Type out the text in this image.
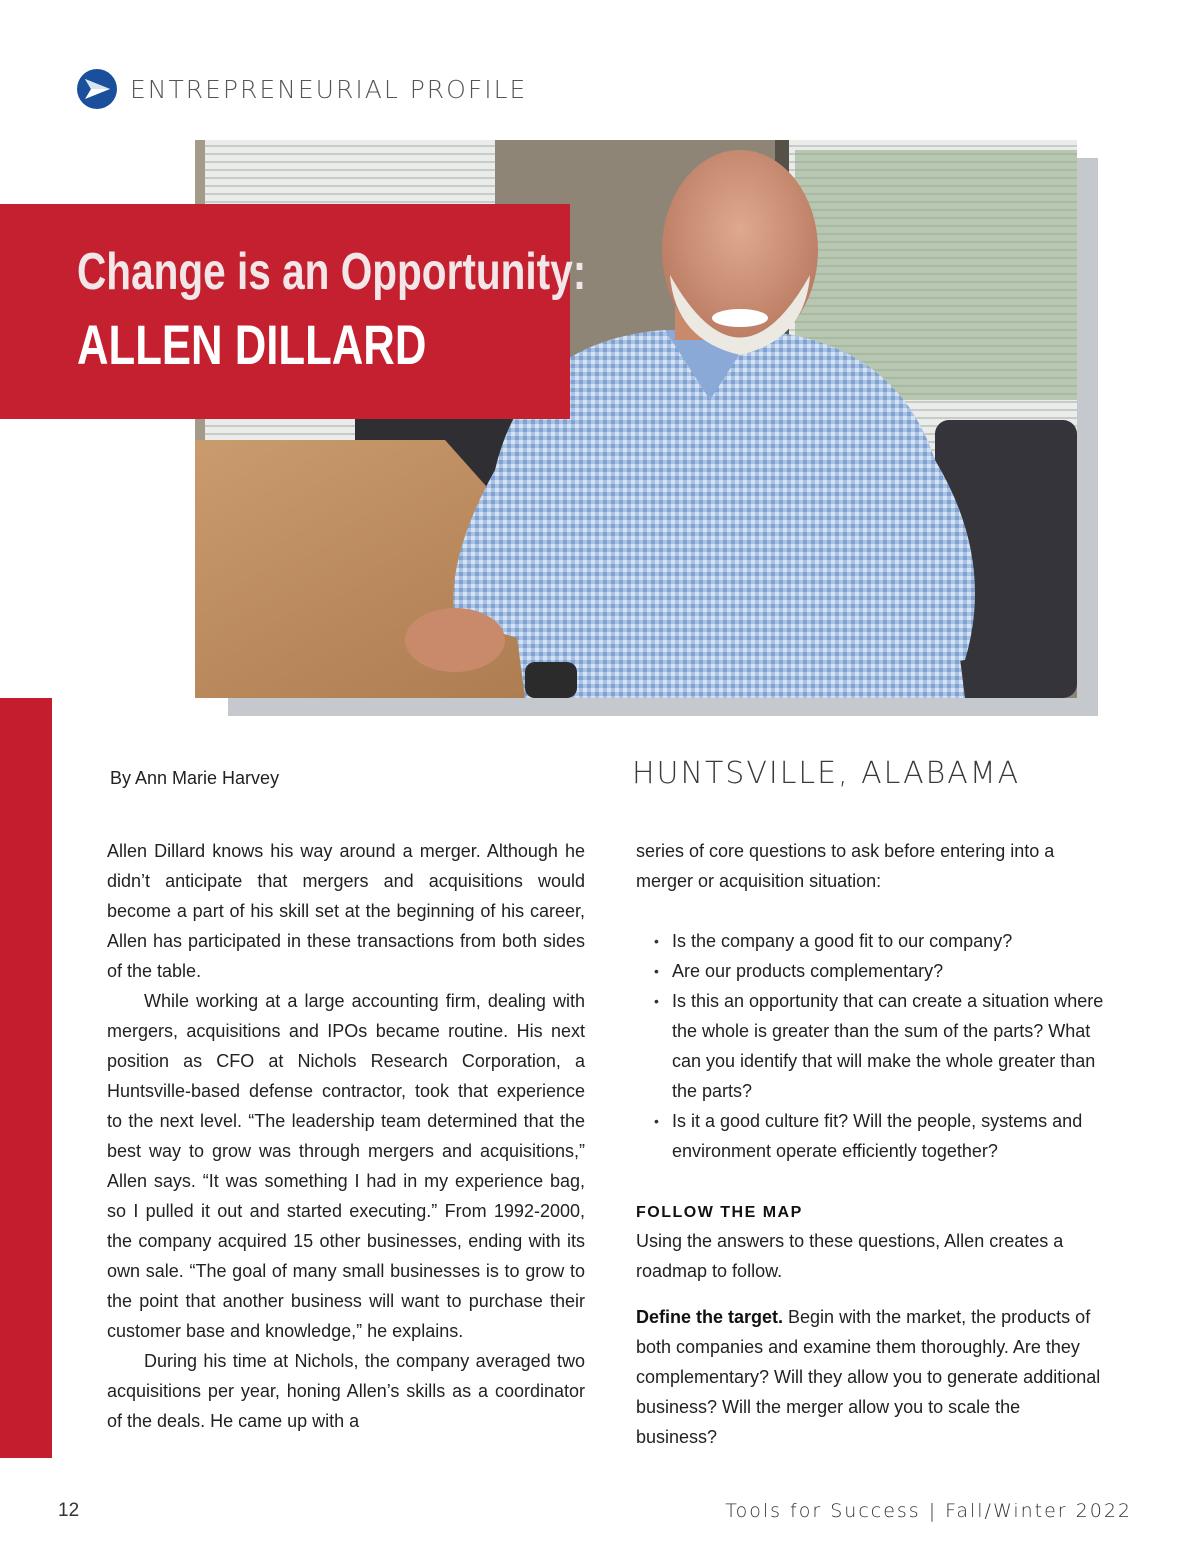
ENTREPRENEURIAL PROFILE
Change is an Opportunity:
ALLEN DILLARD
By Ann Marie Harvey	HUNTSVILLE, ALABAMA

Allen Dillard knows his way around a merger. Although he didn’t anticipate that mergers and acquisitions would become a part of his skill set at the beginning of his career, Allen has participated in these transactions from both sides of the table.

While working at a large accounting firm, dealing with mergers, acquisitions and IPOs became routine. His next position as CFO at Nichols Research Corporation, a Huntsville-based defense contractor, took that experience to the next level. “The leadership team determined that the best way to grow was through mergers and acquisitions,” Allen says. “It was something I had in my experience bag, so I pulled it out and started executing.” From 1992-2000, the company acquired 15 other businesses, ending with its own sale. “The goal of many small businesses is to grow to the point that another business will want to purchase their customer base and knowledge,” he explains.

During his time at Nichols, the company averaged two acquisitions per year, honing Allen’s skills as a coordinator of the deals. He came up with a

series of core questions to ask before entering into a merger or acquisition situation:

• Is the company a good fit to our company?
• Are our products complementary?
• Is this an opportunity that can create a situation where the whole is greater than the sum of the parts? What can you identify that will make the whole greater than the parts?
• Is it a good culture fit? Will the people, systems and environment operate efficiently together?

FOLLOW THE MAP

Using the answers to these questions, Allen creates a roadmap to follow.

Define the target. Begin with the market, the products of both companies and examine them thoroughly. Are they complementary? Will they allow you to generate additional business? Will the merger allow you to scale the business?

12	Tools for Success | Fall/Winter 2022
